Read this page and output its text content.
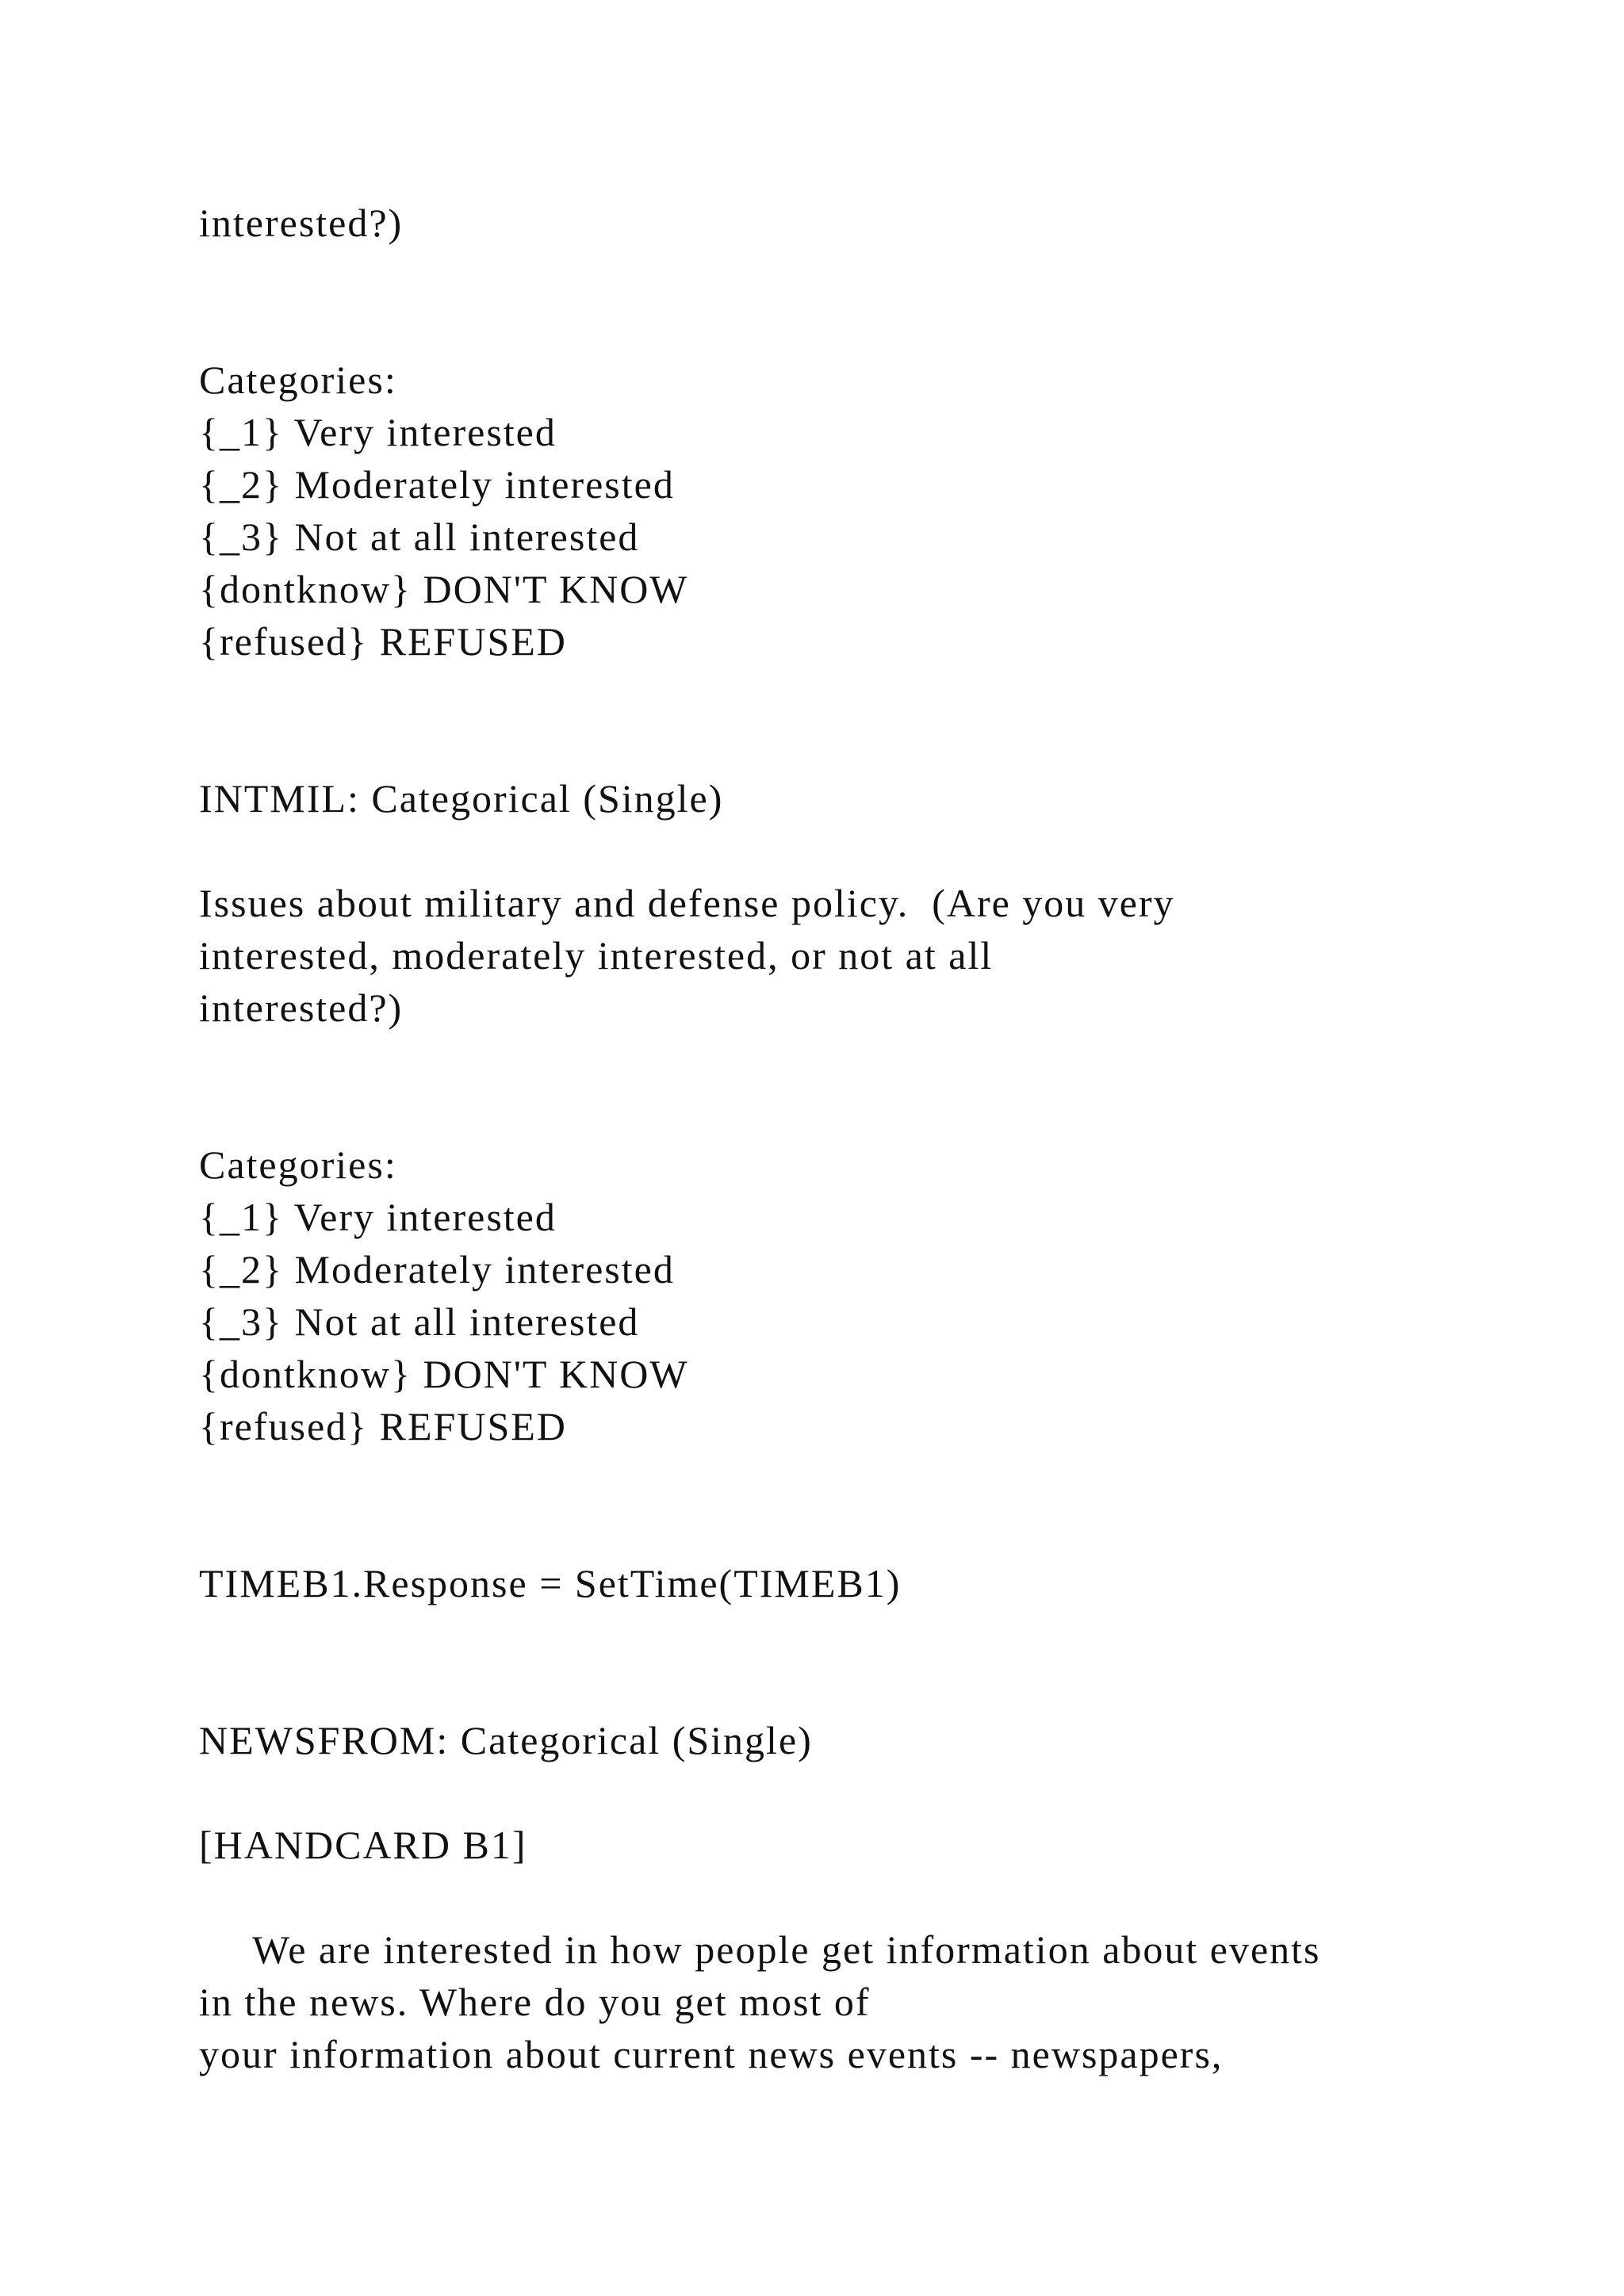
interested?)

Categories:

{_1} Very interested

{_2} Moderately interested

{_3} Not at all interested

{dontknow} DON'T KNOW

{refused} REFUSED

INTMIL: Categorical (Single)

Issues about military and defense policy.  (Are you very

interested, moderately interested, or not at all

interested?)

Categories:

{_1} Very interested

{_2} Moderately interested

{_3} Not at all interested

{dontknow} DON'T KNOW

{refused} REFUSED

TIMEB1.Response = SetTime(TIMEB1)

NEWSFROM: Categorical (Single)

[HANDCARD B1]

We are interested in how people get information about events

in the news. Where do you get most of

your information about current news events -- newspapers,
